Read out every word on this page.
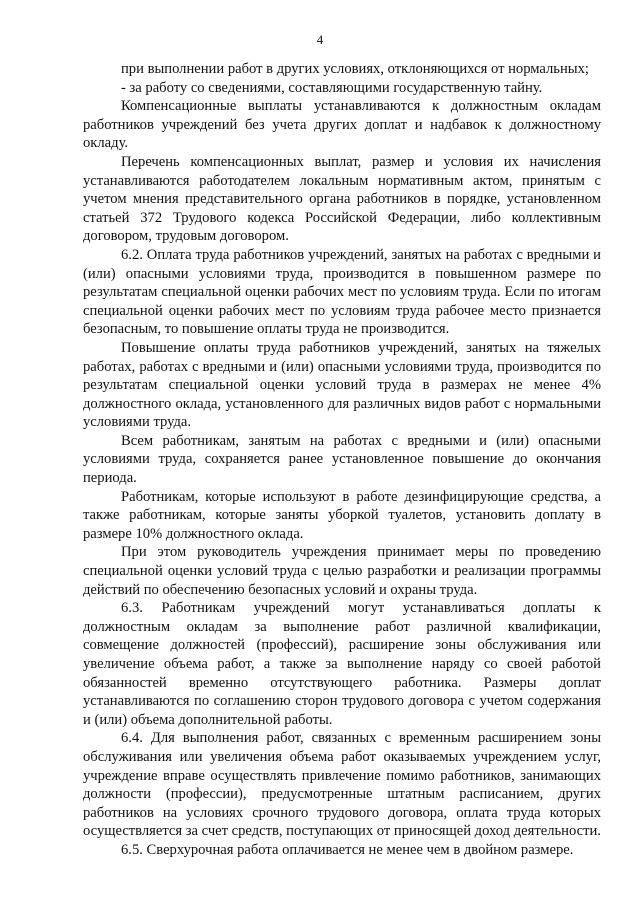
4

при выполнении работ в других условиях, отклоняющихся от нормальных;

- за работу со сведениями, составляющими государственную тайну.

Компенсационные выплаты устанавливаются к должностным окладам работников учреждений без учета других доплат и надбавок к должностному окладу.

Перечень компенсационных выплат, размер и условия их начисления устанавливаются работодателем локальным нормативным актом, принятым с учетом мнения представительного органа работников в порядке, установленном статьей 372 Трудового кодекса Российской Федерации, либо коллективным договором, трудовым договором.

6.2. Оплата труда работников учреждений, занятых на работах с вредными и (или) опасными условиями труда, производится в повышенном размере по результатам специальной оценки рабочих мест по условиям труда. Если по итогам специальной оценки рабочих мест по условиям труда рабочее место признается безопасным, то повышение оплаты труда не производится.

Повышение оплаты труда работников учреждений, занятых на тяжелых работах, работах с вредными и (или) опасными условиями труда, производится по результатам специальной оценки условий труда в размерах не менее 4% должностного оклада, установленного для различных видов работ с нормальными условиями труда.

Всем работникам, занятым на работах с вредными и (или) опасными условиями труда, сохраняется ранее установленное повышение до окончания периода.

Работникам, которые используют в работе дезинфицирующие средства, а также работникам, которые заняты уборкой туалетов, установить доплату в размере 10% должностного оклада.

При этом руководитель учреждения принимает меры по проведению специальной оценки условий труда с целью разработки и реализации программы действий по обеспечению безопасных условий и охраны труда.

6.3. Работникам учреждений могут устанавливаться доплаты к должностным окладам за выполнение работ различной квалификации, совмещение должностей (профессий), расширение зоны обслуживания или увеличение объема работ, а также за выполнение наряду со своей работой обязанностей временно отсутствующего работника. Размеры доплат устанавливаются по соглашению сторон трудового договора с учетом содержания и (или) объема дополнительной работы.

6.4. Для выполнения работ, связанных с временным расширением зоны обслуживания или увеличения объема работ оказываемых учреждением услуг, учреждение вправе осуществлять привлечение помимо работников, занимающих должности (профессии), предусмотренные штатным расписанием, других работников на условиях срочного трудового договора, оплата труда которых осуществляется за счет средств, поступающих от приносящей доход деятельности.

6.5. Сверхурочная работа оплачивается не менее чем в двойном размере.
